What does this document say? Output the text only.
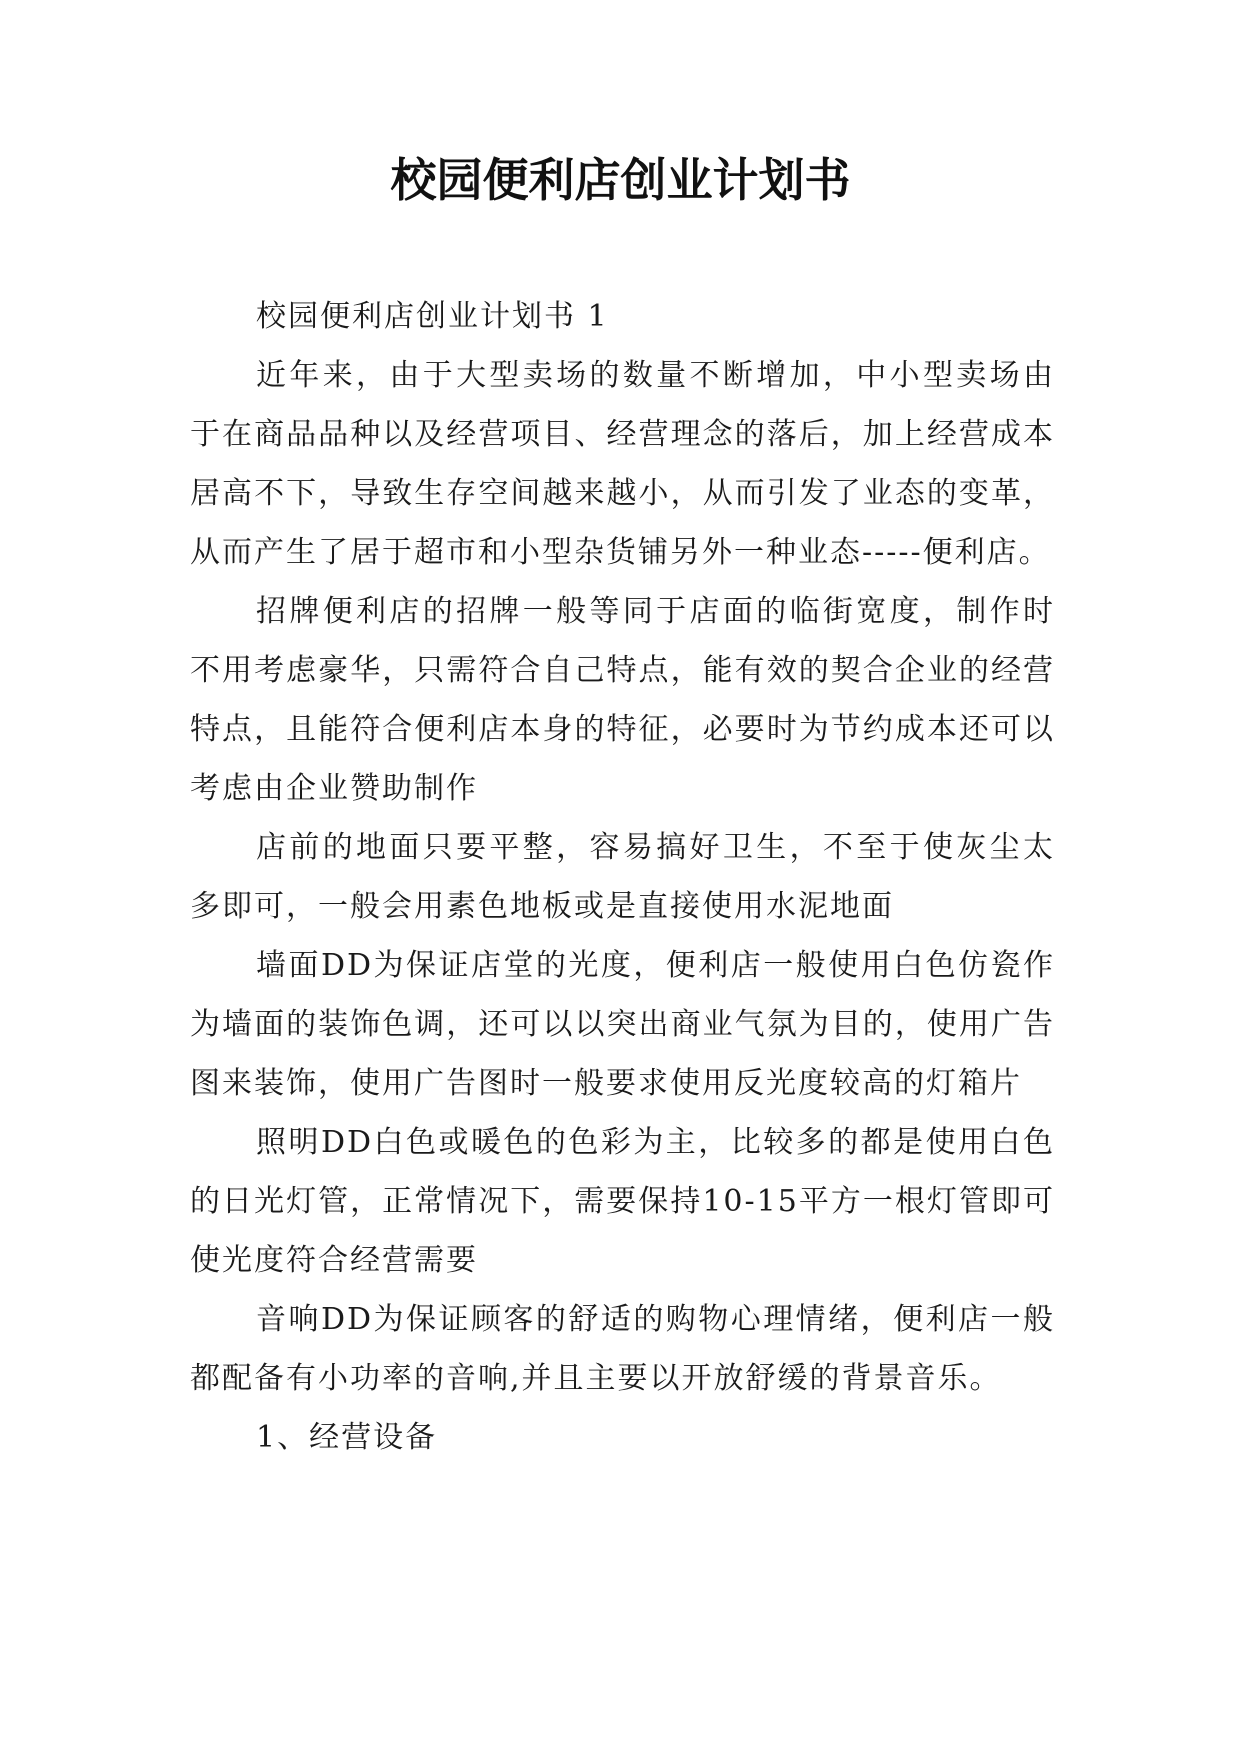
校园便利店创业计划书

校园便利店创业计划书 1

近年来，由于大型卖场的数量不断增加，中小型卖场由于在商品品种以及经营项目、经营理念的落后，加上经营成本居高不下，导致生存空间越来越小，从而引发了业态的变革，从而产生了居于超市和小型杂货铺另外一种业态-----便利店。

招牌便利店的招牌一般等同于店面的临街宽度，制作时不用考虑豪华，只需符合自己特点，能有效的契合企业的经营特点，且能符合便利店本身的特征，必要时为节约成本还可以考虑由企业赞助制作

店前的地面只要平整，容易搞好卫生，不至于使灰尘太多即可，一般会用素色地板或是直接使用水泥地面

墙面DD为保证店堂的光度，便利店一般使用白色仿瓷作为墙面的装饰色调，还可以以突出商业气氛为目的，使用广告图来装饰，使用广告图时一般要求使用反光度较高的灯箱片

照明DD白色或暖色的色彩为主，比较多的都是使用白色的日光灯管，正常情况下，需要保持10-15平方一根灯管即可使光度符合经营需要

音响DD为保证顾客的舒适的购物心理情绪，便利店一般都配备有小功率的音响,并且主要以开放舒缓的背景音乐。

1、经营设备
